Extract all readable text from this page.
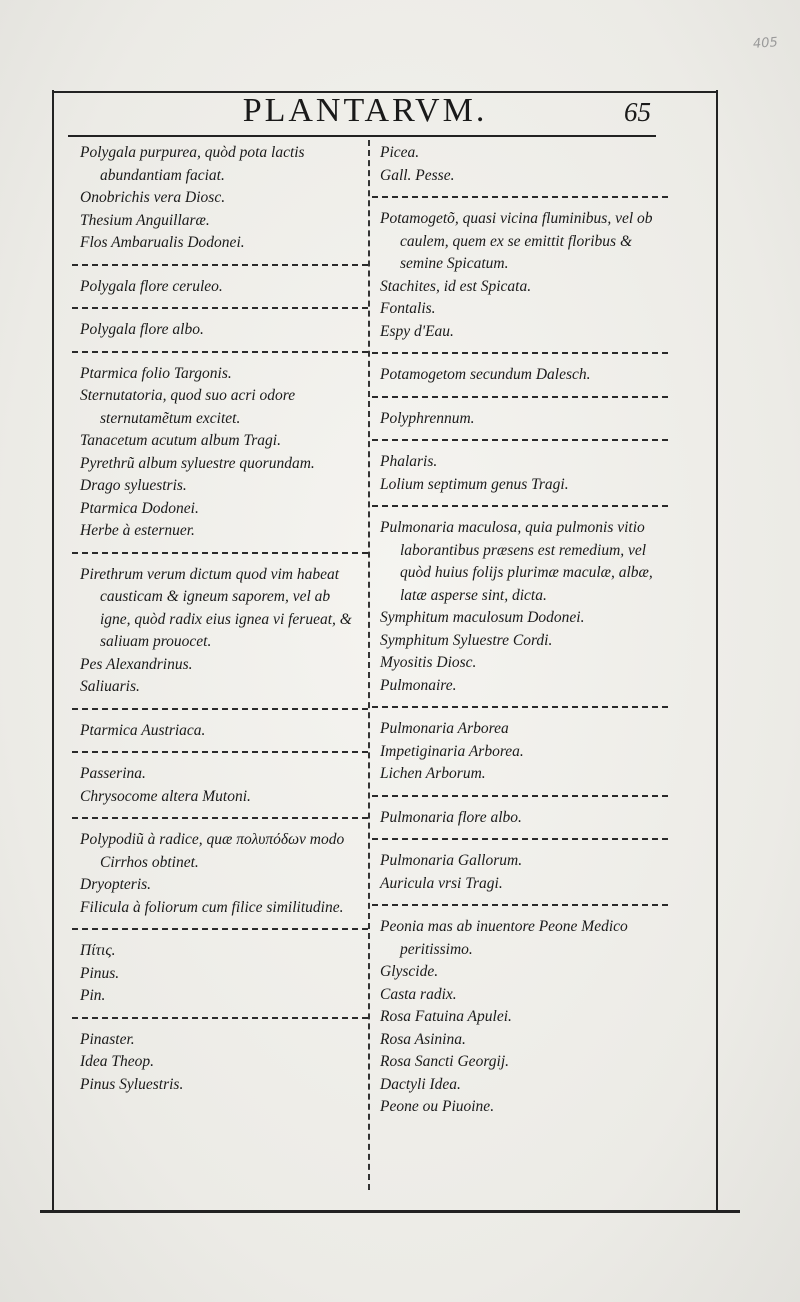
405
PLANTARVM.	65
Polygala purpurea, quòd pota lactis abundantiam faciat.
Onobrichis vera Diosc.
Thesium Anguillaræ.
Flos Ambarualis Dodonei.
Polygala flore ceruleo.
Polygala flore albo.
Ptarmica folio Targonis.
Sternutatoria, quod suo acri odore sternutamẽtum excitet.
Tanacetum acutum album Tragi.
Pyrethrũ album syluestre quorundam.
Drago syluestris.
Ptarmica Dodonei.
Herbe à esternuer.
Pirethrum verum dictum quod vim habeat causticam & igneum saporem, vel ab igne, quòd radix eius ignea vi ferueat, & saliuam prouocet.
Pes Alexandrinus.
Saliuaris.
Ptarmica Austriaca.
Passerina.
Chrysocome altera Mutoni.
Polypodiũ à radice, quæ πολυπόδων modo Cirrhos obtinet.
Dryopteris.
Filicula à foliorum cum filice similitudine.
Πίτις.
Pinus.
Pin.
Pinaster.
Idea Theop.
Pinus Syluestris.
Picea.
Gall. Pesse.
Potamogetõ, quasi vicina fluminibus, vel ob caulem, quem ex se emittit floribus & semine Spicatum.
Stachites, id est Spicata.
Fontalis.
Espy d'Eau.
Potamogetom secundum Dalesch.
Polyphrennum.
Phalaris.
Lolium septimum genus Tragi.
Pulmonaria maculosa, quia pulmonis vitio laborantibus præsens est remedium, vel quòd huius folijs plurimæ maculæ, albæ, latæ asperse sint, dicta.
Symphitum maculosum Dodonei.
Symphitum Syluestre Cordi.
Myositis Diosc.
Pulmonaire.
Pulmonaria Arborea
Impetiginaria Arborea.
Lichen Arborum.
Pulmonaria flore albo.
Pulmonaria Gallorum.
Auricula vrsi Tragi.
Peonia mas ab inuentore Peone Medico peritissimo.
Glyscide.
Casta radix.
Rosa Fatuina Apulei.
Rosa Asinina.
Rosa Sancti Georgij.
Dactyli Idea.
Peone ou Piuoine.
